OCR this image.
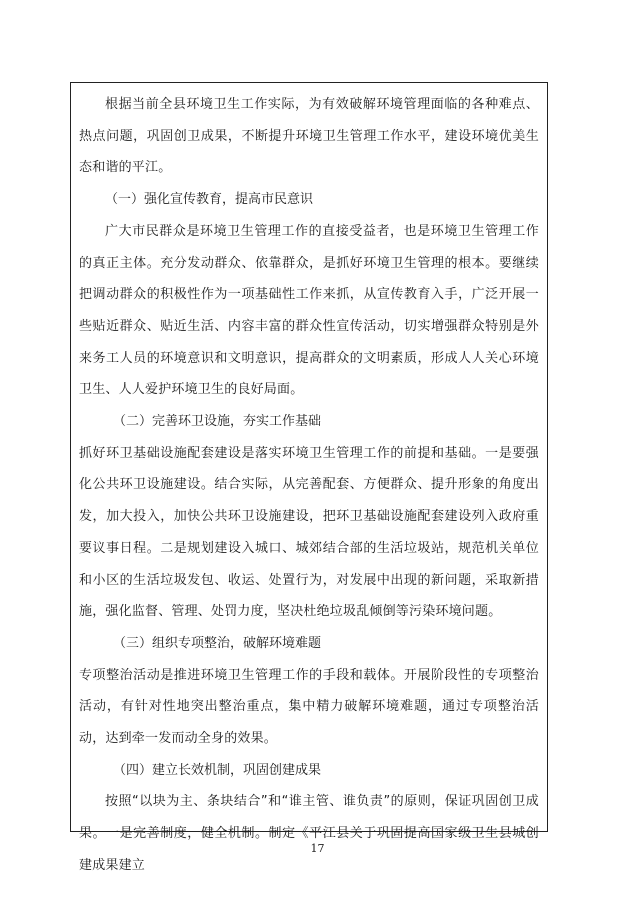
根据当前全县环境卫生工作实际，为有效破解环境管理面临的各种难点、热点问题，巩固创卫成果，不断提升环境卫生管理工作水平，建设环境优美生态和谐的平江。

（一）强化宣传教育，提高市民意识

广大市民群众是环境卫生管理工作的直接受益者，也是环境卫生管理工作的真正主体。充分发动群众、依靠群众，是抓好环境卫生管理的根本。要继续把调动群众的积极性作为一项基础性工作来抓，从宣传教育入手，广泛开展一些贴近群众、贴近生活、内容丰富的群众性宣传活动，切实增强群众特别是外来务工人员的环境意识和文明意识，提高群众的文明素质，形成人人关心环境卫生、人人爱护环境卫生的良好局面。

（二）完善环卫设施，夯实工作基础

抓好环卫基础设施配套建设是落实环境卫生管理工作的前提和基础。一是要强化公共环卫设施建设。结合实际，从完善配套、方便群众、提升形象的角度出发，加大投入，加快公共环卫设施建设，把环卫基础设施配套建设列入政府重要议事日程。二是规划建设入城口、城郊结合部的生活垃圾站，规范机关单位和小区的生活垃圾发包、收运、处置行为，对发展中出现的新问题，采取新措施，强化监督、管理、处罚力度，坚决杜绝垃圾乱倾倒等污染环境问题。

（三）组织专项整治，破解环境难题

专项整治活动是推进环境卫生管理工作的手段和载体。开展阶段性的专项整治活动，有针对性地突出整治重点，集中精力破解环境难题，通过专项整治活动，达到牵一发而动全身的效果。

（四）建立长效机制，巩固创建成果

按照“以块为主、条块结合”和“谁主管、谁负责”的原则，保证巩固创卫成果。一是完善制度，健全机制。制定《平江县关于巩固提高国家级卫生县城创建成果建立

17
